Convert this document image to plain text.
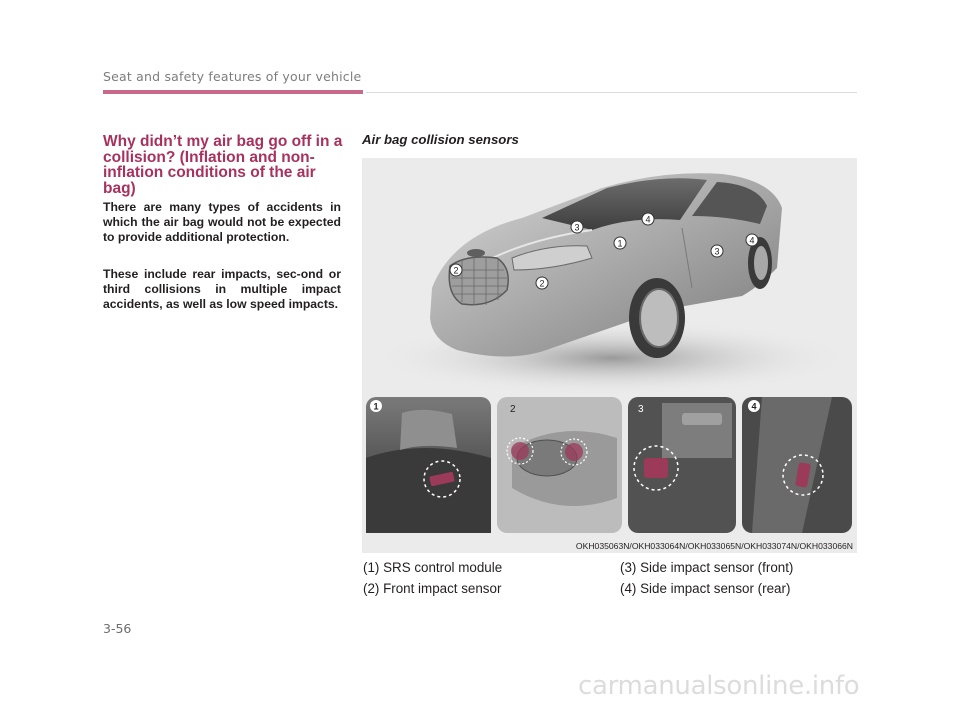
Seat and safety features of your vehicle
Why didn’t my air bag go off in a collision? (Inflation and non-inflation conditions of the air bag)

There are many types of accidents in which the air bag would not be expected to provide additional protection.

These include rear impacts, sec-ond or third collisions in multiple impact accidents, as well as low speed impacts.

Air bag collision sensors
1
2
2
3
3
4
4
1	2	3	4
OKH035063N/OKH033064N/OKH033065N/OKH033074N/OKH033066N
(1) SRS control module
(2) Front impact sensor
(3) Side impact sensor (front)
(4) Side impact sensor (rear)
3-56
carmanualsonline.info
